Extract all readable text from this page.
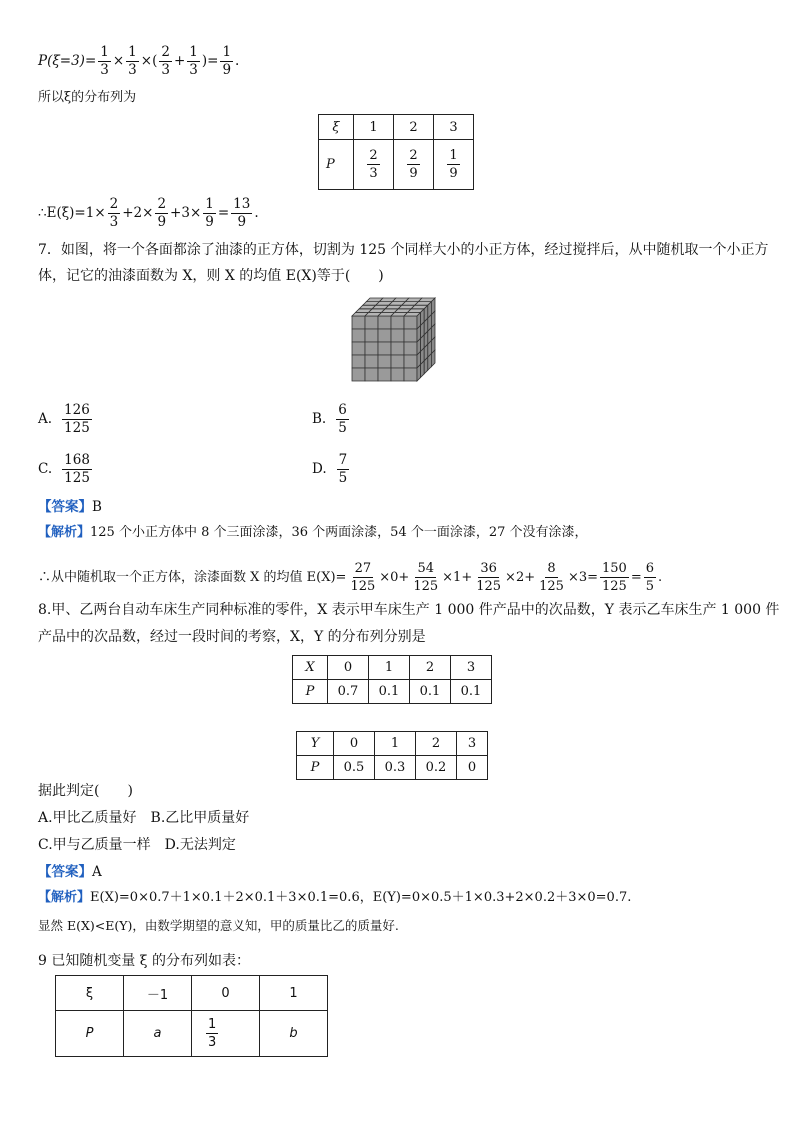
$P(\xi=3)= \frac{1}{3} \times \frac{1}{3}$ ×( $\frac{2}{3} + \frac{1}{3}$ )= $\frac{1}{9}$ .
所以ξ的分布列为
ξ	1	2	3
P	$\frac{2}{3}$	$\frac{2}{9}$	$\frac{1}{9}$
∴E(ξ)=1× $\frac{2}{3} +2\times \frac{2}{9} +3\times \frac{1}{9} = \frac{13}{9}$ .
7．如图，将一个各面都涂了油漆的正方体，切割为 125 个同样大小的小正方体，经过搅拌后，从中随机取一个小正方
体，记它的油漆面数为 X，则 X 的均值 E(X)等于(　　)
A. $\frac{126}{125}$	B. $\frac{6}{5}$
C. $\frac{168}{125}$	D. $\frac{7}{5}$
【答案】B
【解析】125 个小正方体中 8 个三面涂漆，36 个两面涂漆，54 个一面涂漆，27 个没有涂漆，
∴从中随机取一个正方体，涂漆面数 X 的均值 $E(X)= \frac{27}{125} \times 0+ \frac{54}{125} \times 1+ \frac{36}{125} \times 2+ \frac{8}{125} \times 3= \frac{150}{125} = \frac{6}{5}$ .
8.甲、乙两台自动车床生产同种标准的零件，X 表示甲车床生产 1 000 件产品中的次品数，Y 表示乙车床生产 1 000 件
产品中的次品数，经过一段时间的考察，X，Y 的分布列分别是
X	0	1	2	3
P	0.7	0.1	0.1	0.1
Y	0	1	2	3
P	0.5	0.3	0.2	0
据此判定(　　)
A.甲比乙质量好　B.乙比甲质量好
C.甲与乙质量一样　D.无法判定
【答案】A
【解析】E(X)=0×0.7＋1×0.1＋2×0.1＋3×0.1=0.6，E(Y)=0×0.5＋1×0.3+2×0.2＋3×0=0.7.
显然 E(X)<E(Y)，由数学期望的意义知，甲的质量比乙的质量好.
9 已知随机变量 ξ 的分布列如表：
ξ	－1	0	1
P	a	$\frac{1}{3}$	b
